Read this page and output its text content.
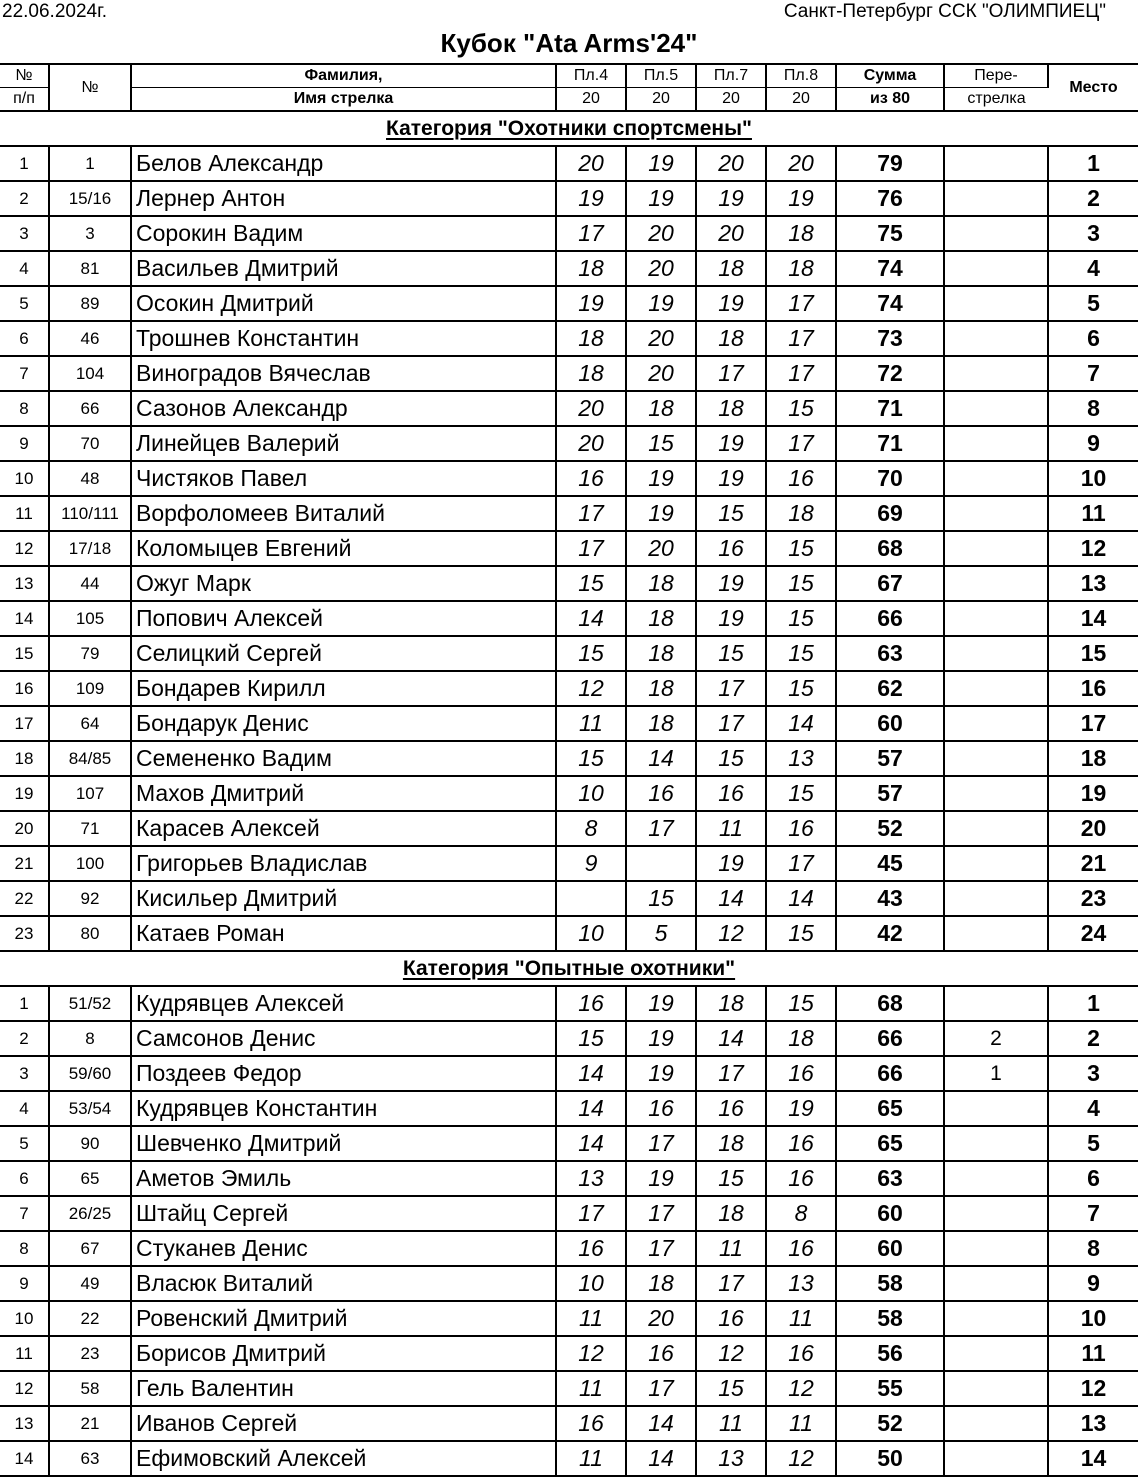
22.06.2024г.	Санкт-Петербург ССК "ОЛИМПИЕЦ"
Кубок "Ata Arms'24"
№	№	Фамилия,	Пл.4	Пл.5	Пл.7	Пл.8	Сумма	Пере-	Место
п/п		Имя стрелка	20	20	20	20	из 80	стрелка	
Категория "Охотники спортсмены"									
1	1	Белов Александр	20	19	20	20	79		1
2	15/16	Лернер Антон	19	19	19	19	76		2
3	3	Сорокин Вадим	17	20	20	18	75		3
4	81	Васильев Дмитрий	18	20	18	18	74		4
5	89	Осокин Дмитрий	19	19	19	17	74		5
6	46	Трошнев Константин	18	20	18	17	73		6
7	104	Виноградов Вячеслав	18	20	17	17	72		7
8	66	Сазонов Александр	20	18	18	15	71		8
9	70	Линейцев Валерий	20	15	19	17	71		9
10	48	Чистяков Павел	16	19	19	16	70		10
11	110/111	Ворфоломеев Виталий	17	19	15	18	69		11
12	17/18	Коломыцев Евгений	17	20	16	15	68		12
13	44	Ожуг Марк	15	18	19	15	67		13
14	105	Попович Алексей	14	18	19	15	66		14
15	79	Селицкий Сергей	15	18	15	15	63		15
16	109	Бондарев Кирилл	12	18	17	15	62		16
17	64	Бондарук Денис	11	18	17	14	60		17
18	84/85	Семененко Вадим	15	14	15	13	57		18
19	107	Махов Дмитрий	10	16	16	15	57		19
20	71	Карасев Алексей	8	17	11	16	52		20
21	100	Григорьев Владислав	9		19	17	45		21
22	92	Кисильер Дмитрий		15	14	14	43		23
23	80	Катаев Роман	10	5	12	15	42		24
Категория "Опытные охотники"									
1	51/52	Кудрявцев Алексей	16	19	18	15	68		1
2	8	Самсонов Денис	15	19	14	18	66	2	2
3	59/60	Поздеев Федор	14	19	17	16	66	1	3
4	53/54	Кудрявцев Константин	14	16	16	19	65		4
5	90	Шевченко Дмитрий	14	17	18	16	65		5
6	65	Аметов Эмиль	13	19	15	16	63		6
7	26/25	Штайц Сергей	17	17	18	8	60		7
8	67	Стуканев Денис	16	17	11	16	60		8
9	49	Власюк Виталий	10	18	17	13	58		9
10	22	Ровенский Дмитрий	11	20	16	11	58		10
11	23	Борисов Дмитрий	12	16	12	16	56		11
12	58	Гель Валентин	11	17	15	12	55		12
13	21	Иванов Сергей	16	14	11	11	52		13
14	63	Ефимовский Алексей	11	14	13	12	50		14
